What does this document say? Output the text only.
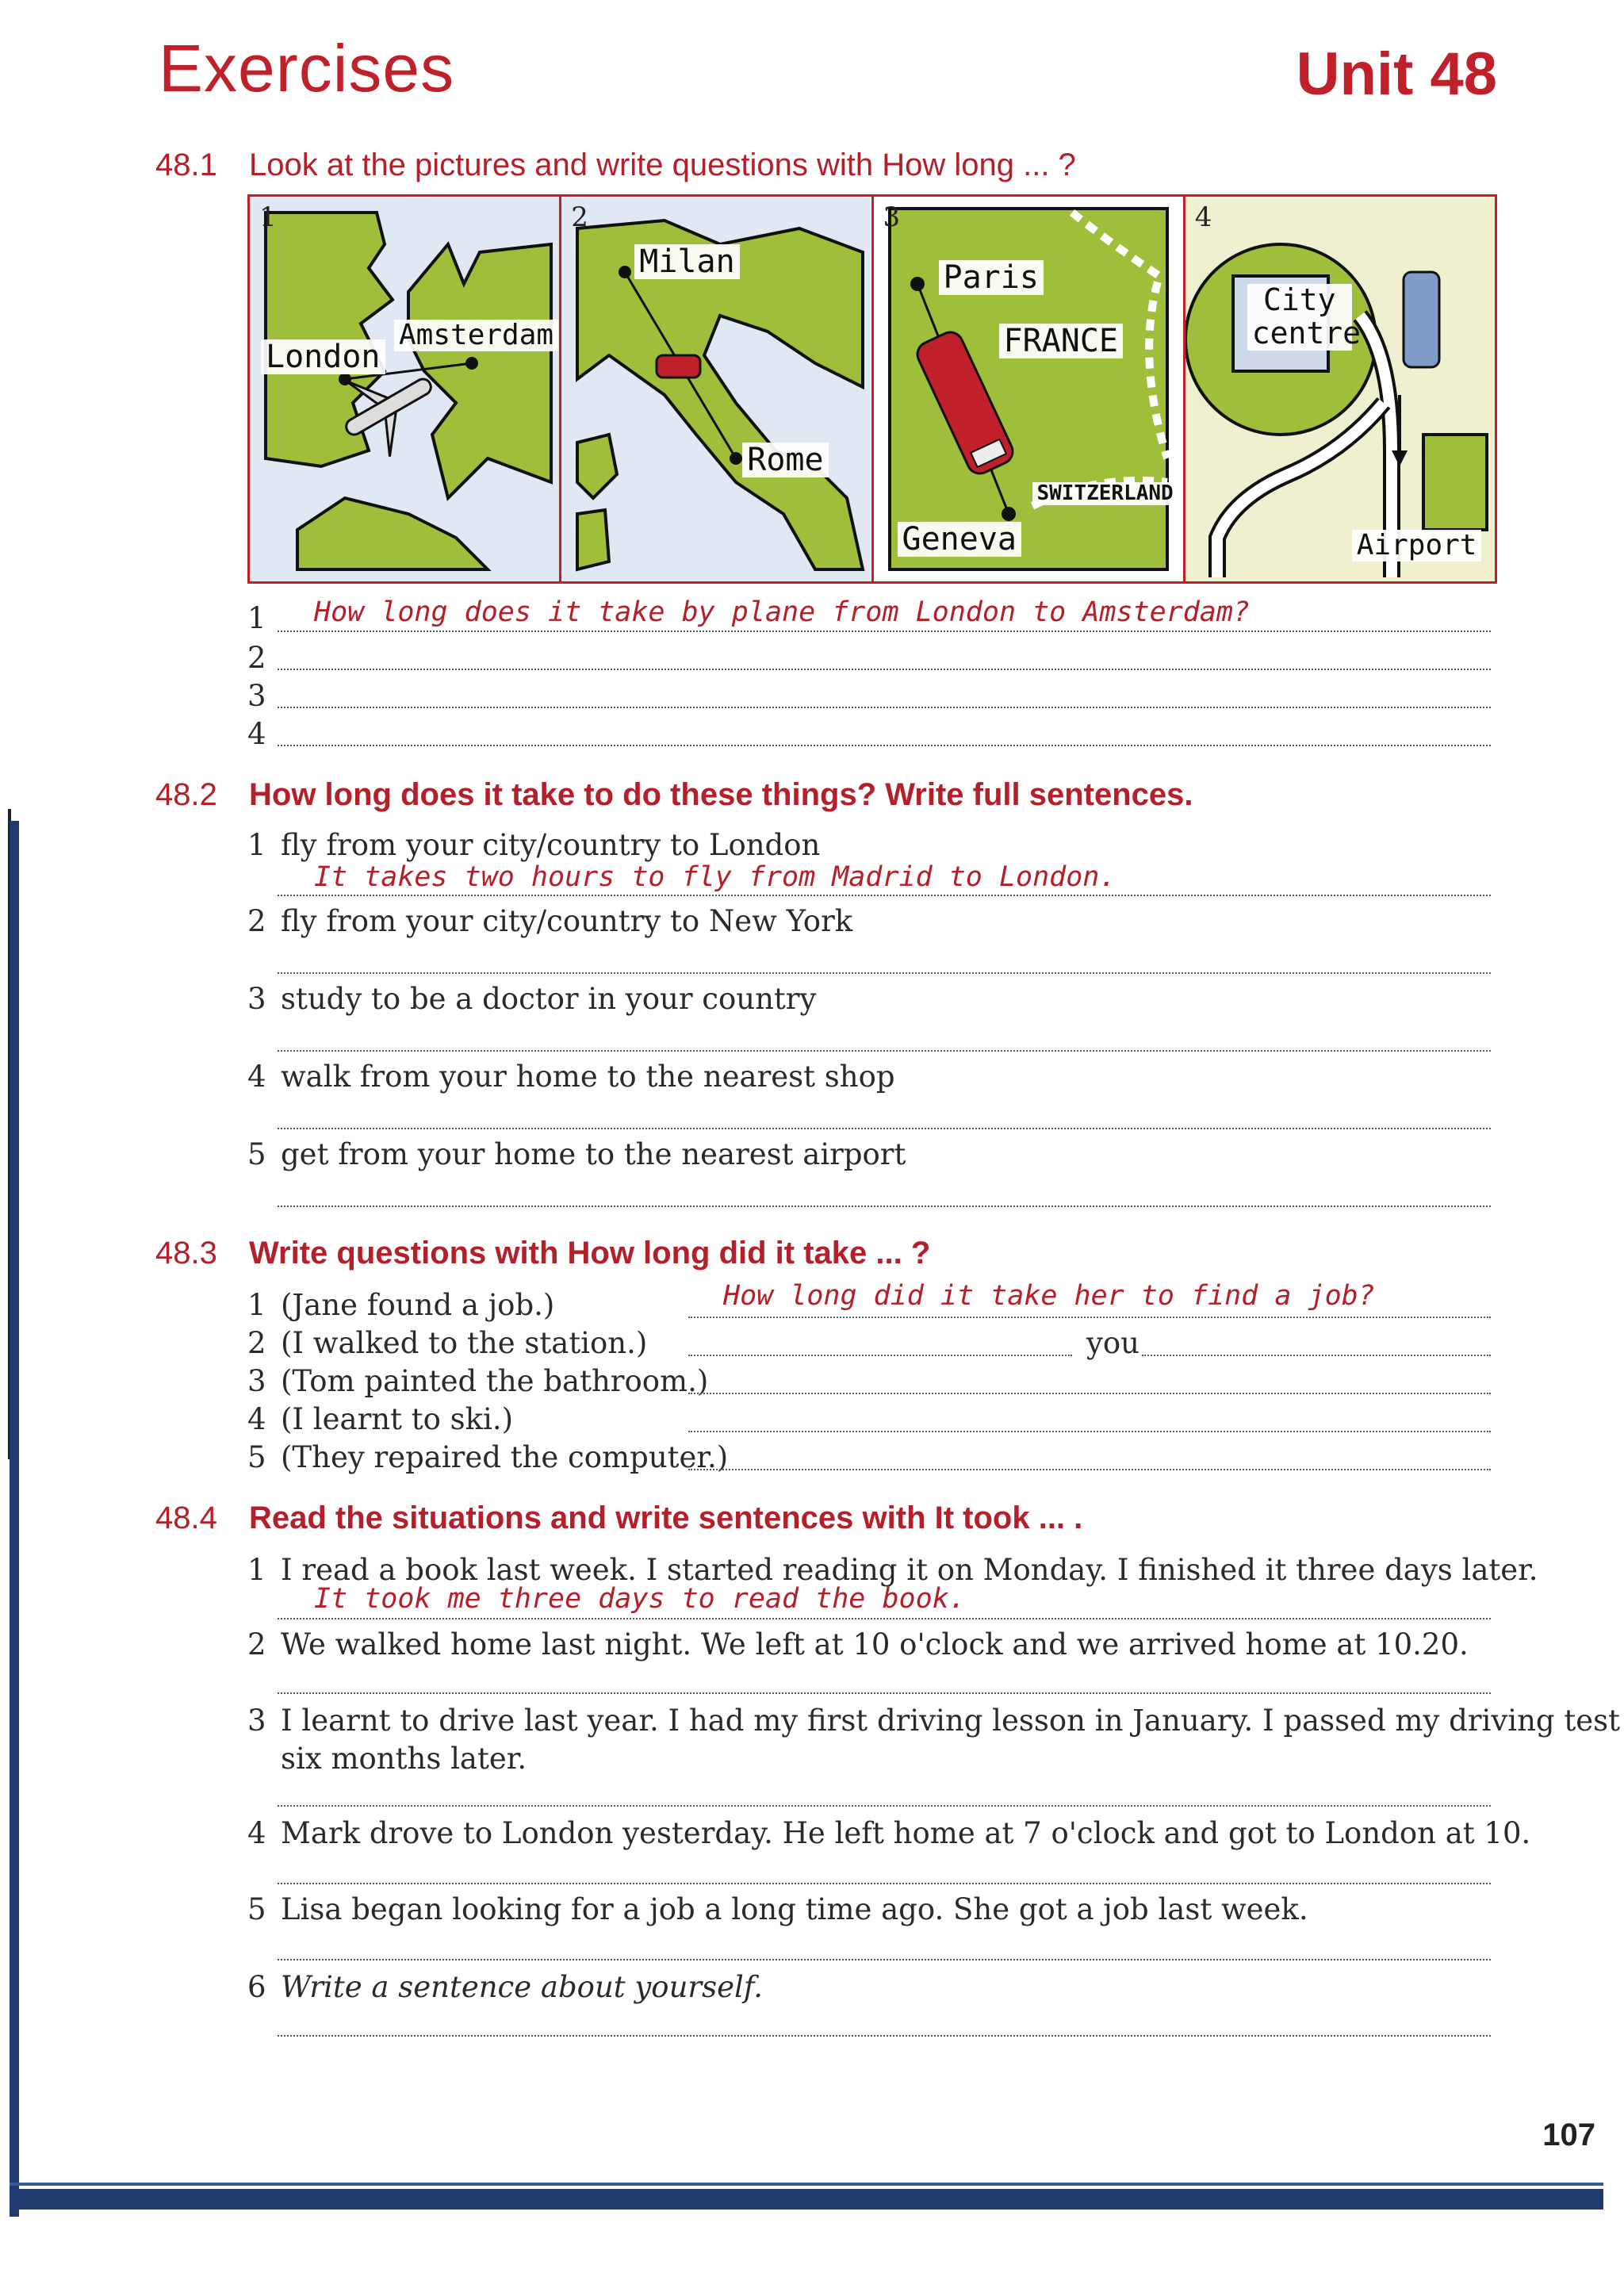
Exercises	Unit 48
48.1 Look at the pictures and write questions with How long ... ?
1
London
Amsterdam
2
Milan
Rome
3
Paris
FRANCE
SWITZERLAND
Geneva
4
City centre
Airport
1 How long does it take by plane from London to Amsterdam?
2
3
4
48.2 How long does it take to do these things? Write full sentences.
1 fly from your city/country to London
It takes two hours to fly from Madrid to London.
2 fly from your city/country to New York
3 study to be a doctor in your country
4 walk from your home to the nearest shop
5 get from your home to the nearest airport
48.3 Write questions with How long did it take ... ?
1 (Jane found a job.)	How long did it take her to find a job?
2 (I walked to the station.)	you
3 (Tom painted the bathroom.)
4 (I learnt to ski.)
5 (They repaired the computer.)
48.4 Read the situations and write sentences with It took ... .
1 I read a book last week. I started reading it on Monday. I finished it three days later.
It took me three days to read the book.
2 We walked home last night. We left at 10 o'clock and we arrived home at 10.20.
3 I learnt to drive last year. I had my first driving lesson in January. I passed my driving test
six months later.
4 Mark drove to London yesterday. He left home at 7 o'clock and got to London at 10.
5 Lisa began looking for a job a long time ago. She got a job last week.
6 Write a sentence about yourself.
107
